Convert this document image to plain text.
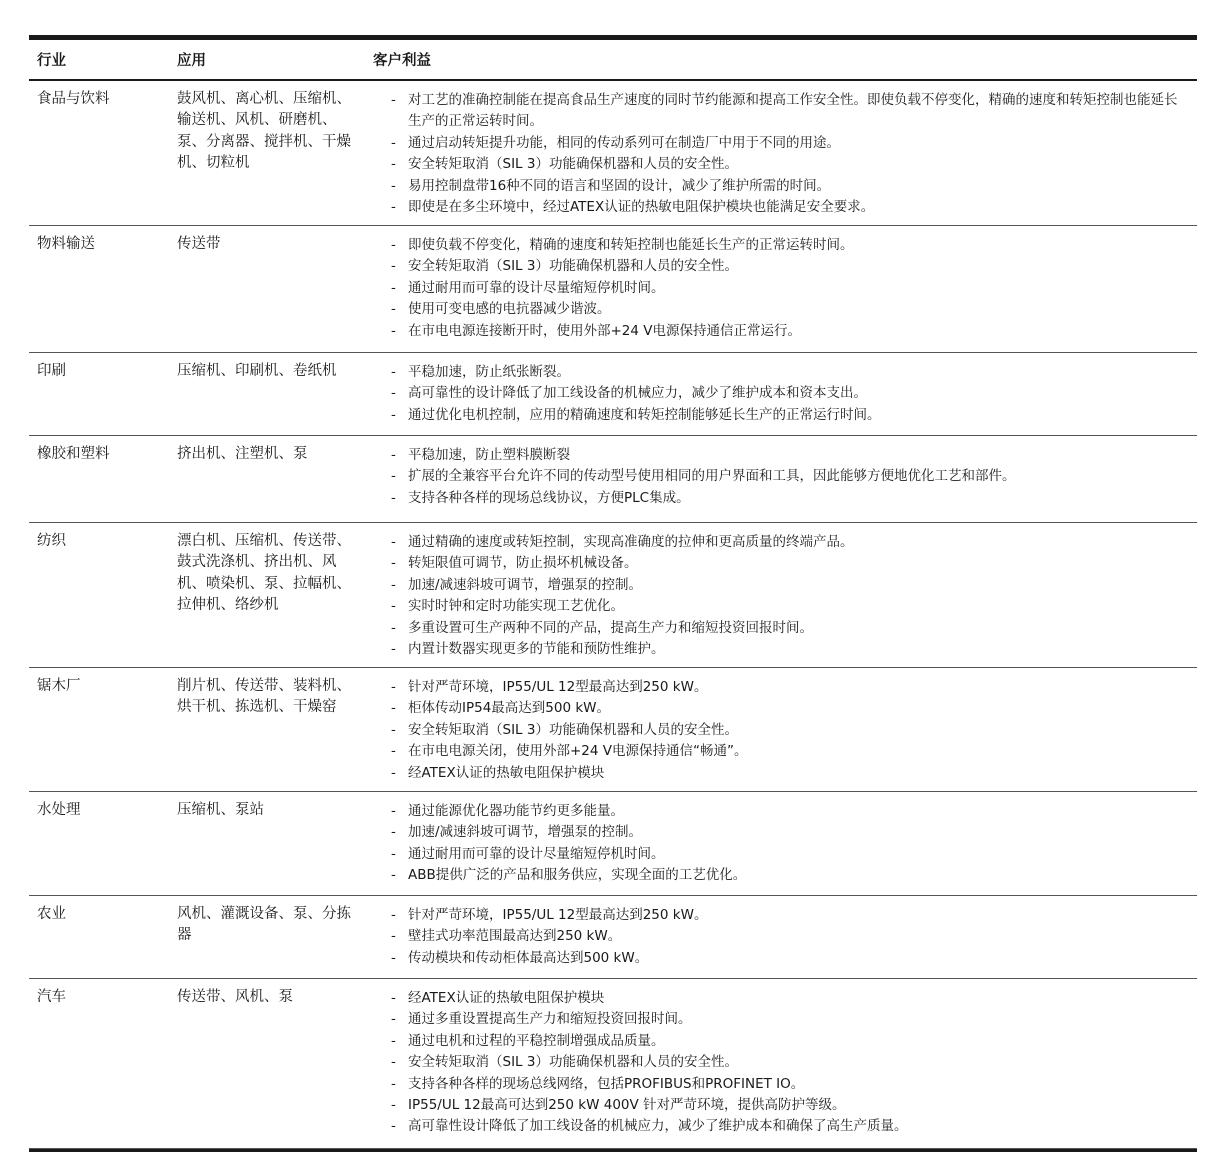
行业	应用	客户利益
食品与饮料	鼓风机、离心机、压缩机、输送机、风机、研磨机、泵、分离器、搅拌机、干燥机、切粒机
- 对工艺的准确控制能在提高食品生产速度的同时节约能源和提高工作安全性。即使负载不停变化，精确的速度和转矩控制也能延长生产的正常运转时间。
- 通过启动转矩提升功能，相同的传动系列可在制造厂中用于不同的用途。
- 安全转矩取消（SIL 3）功能确保机器和人员的安全性。
- 易用控制盘带16种不同的语言和坚固的设计，减少了维护所需的时间。
- 即使是在多尘环境中，经过ATEX认证的热敏电阻保护模块也能满足安全要求。
物料输送	传送带	- 即使负载不停变化，精确的速度和转矩控制也能延长生产的正常运转时间。
- 安全转矩取消（SIL 3）功能确保机器和人员的安全性。
- 通过耐用而可靠的设计尽量缩短停机时间。
- 使用可变电感的电抗器减少谐波。
- 在市电电源连接断开时，使用外部+24 V电源保持通信正常运行。
印刷	压缩机、印刷机、卷纸机	- 平稳加速，防止纸张断裂。
- 高可靠性的设计降低了加工线设备的机械应力，减少了维护成本和资本支出。
- 通过优化电机控制，应用的精确速度和转矩控制能够延长生产的正常运行时间。
橡胶和塑料	挤出机、注塑机、泵	- 平稳加速，防止塑料膜断裂
- 扩展的全兼容平台允许不同的传动型号使用相同的用户界面和工具，因此能够方便地优化工艺和部件。
- 支持各种各样的现场总线协议，方便PLC集成。
纺织	漂白机、压缩机、传送带、鼓式洗涤机、挤出机、风机、喷染机、泵、拉幅机、拉伸机、络纱机
- 通过精确的速度或转矩控制，实现高准确度的拉伸和更高质量的终端产品。
- 转矩限值可调节，防止损坏机械设备。
- 加速/减速斜坡可调节，增强泵的控制。
- 实时时钟和定时功能实现工艺优化。
- 多重设置可生产两种不同的产品，提高生产力和缩短投资回报时间。
- 内置计数器实现更多的节能和预防性维护。
锯木厂	削片机、传送带、装料机、烘干机、拣选机、干燥窑
- 针对严苛环境，IP55/UL 12型最高达到250 kW。
- 柜体传动IP54最高达到500 kW。
- 安全转矩取消（SIL 3）功能确保机器和人员的安全性。
- 在市电电源关闭，使用外部+24 V电源保持通信“畅通”。
- 经ATEX认证的热敏电阻保护模块
水处理	压缩机、泵站	- 通过能源优化器功能节约更多能量。
- 加速/减速斜坡可调节，增强泵的控制。
- 通过耐用而可靠的设计尽量缩短停机时间。
- ABB提供广泛的产品和服务供应，实现全面的工艺优化。
农业	风机、灌溉设备、泵、分拣器
- 针对严苛环境，IP55/UL 12型最高达到250 kW。
- 壁挂式功率范围最高达到250 kW。
- 传动模块和传动柜体最高达到500 kW。
汽车	传送带、风机、泵	- 经ATEX认证的热敏电阻保护模块
- 通过多重设置提高生产力和缩短投资回报时间。
- 通过电机和过程的平稳控制增强成品质量。
- 安全转矩取消（SIL 3）功能确保机器和人员的安全性。
- 支持各种各样的现场总线网络，包括PROFIBUS和PROFINET IO。
- IP55/UL 12最高可达到250 kW 400V 针对严苛环境，提供高防护等级。
- 高可靠性设计降低了加工线设备的机械应力，减少了维护成本和确保了高生产质量。
